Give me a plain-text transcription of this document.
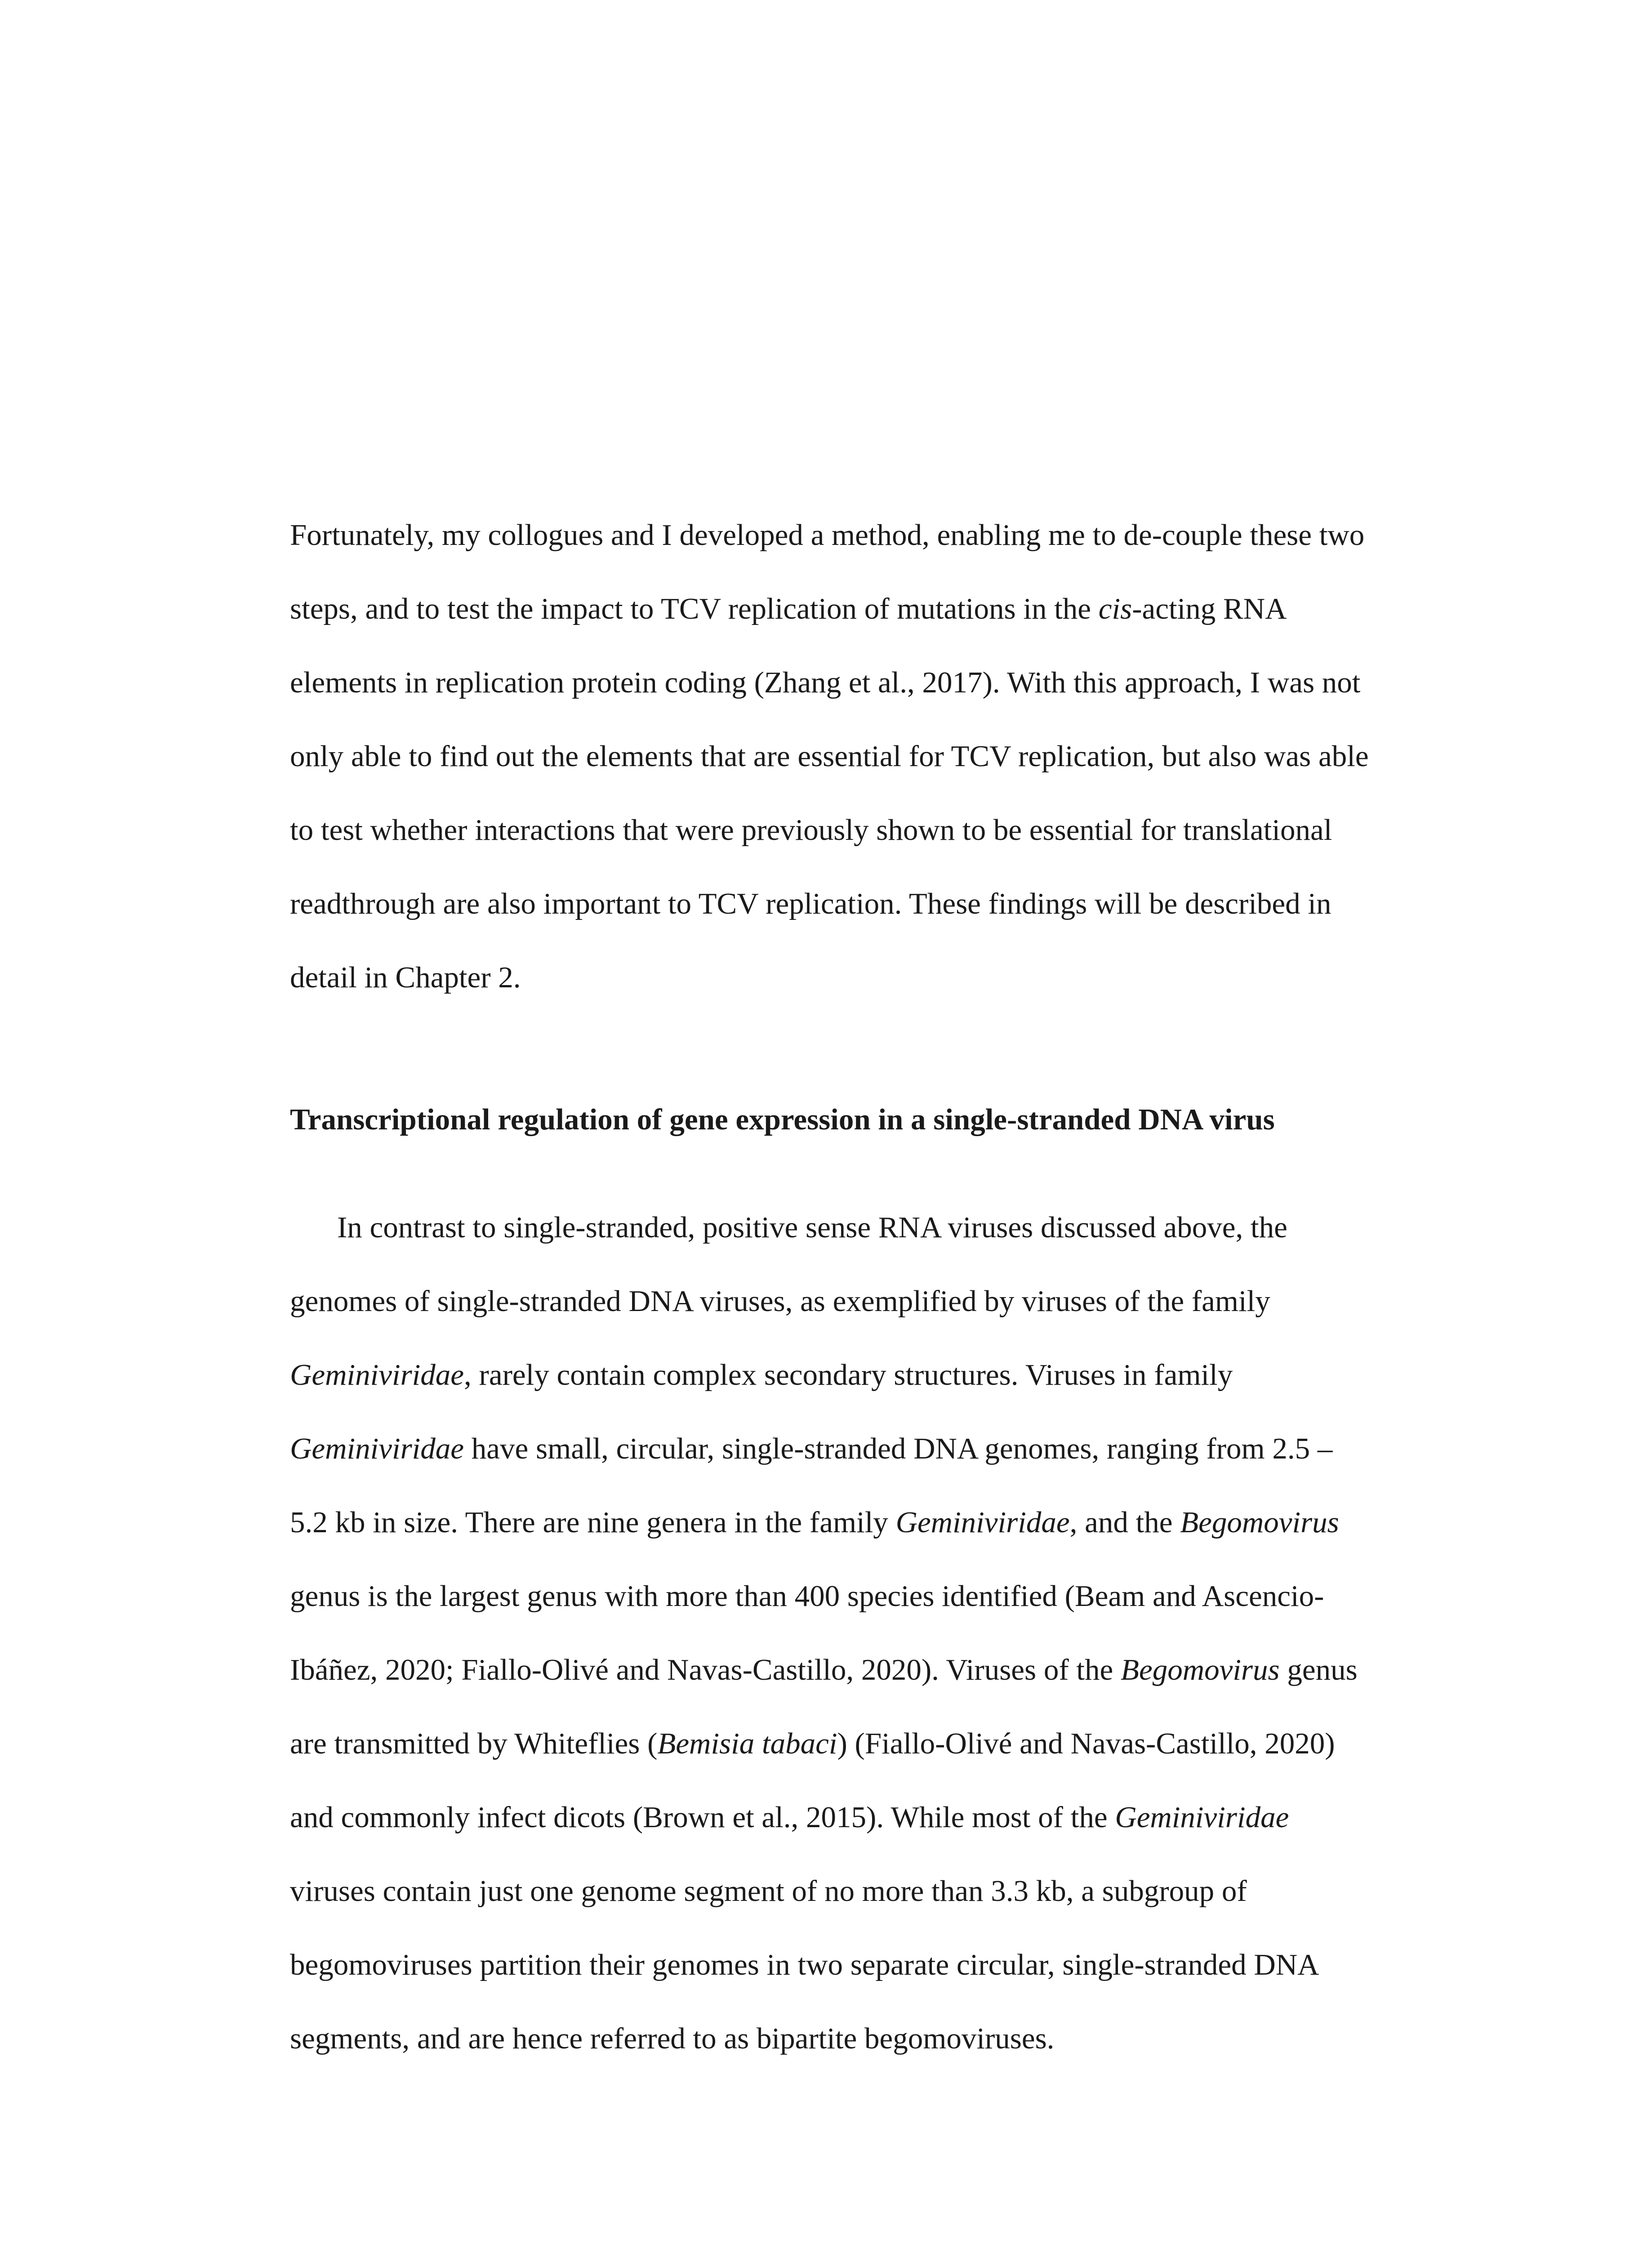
Fortunately, my collogues and I developed a method, enabling me to de-couple these two
steps, and to test the impact to TCV replication of mutations in the cis-acting RNA
elements in replication protein coding (Zhang et al., 2017). With this approach, I was not
only able to find out the elements that are essential for TCV replication, but also was able
to test whether interactions that were previously shown to be essential for translational
readthrough are also important to TCV replication. These findings will be described in
detail in Chapter 2.
Transcriptional regulation of gene expression in a single-stranded DNA virus
In contrast to single-stranded, positive sense RNA viruses discussed above, the
genomes of single-stranded DNA viruses, as exemplified by viruses of the family
Geminiviridae, rarely contain complex secondary structures. Viruses in family
Geminiviridae have small, circular, single-stranded DNA genomes, ranging from 2.5 –
5.2 kb in size. There are nine genera in the family Geminiviridae, and the Begomovirus
genus is the largest genus with more than 400 species identified (Beam and Ascencio-
Ibáñez, 2020; Fiallo-Olivé and Navas-Castillo, 2020). Viruses of the Begomovirus genus
are transmitted by Whiteflies (Bemisia tabaci) (Fiallo-Olivé and Navas-Castillo, 2020)
and commonly infect dicots (Brown et al., 2015). While most of the Geminiviridae
viruses contain just one genome segment of no more than 3.3 kb, a subgroup of
begomoviruses partition their genomes in two separate circular, single-stranded DNA
segments, and are hence referred to as bipartite begomoviruses.
